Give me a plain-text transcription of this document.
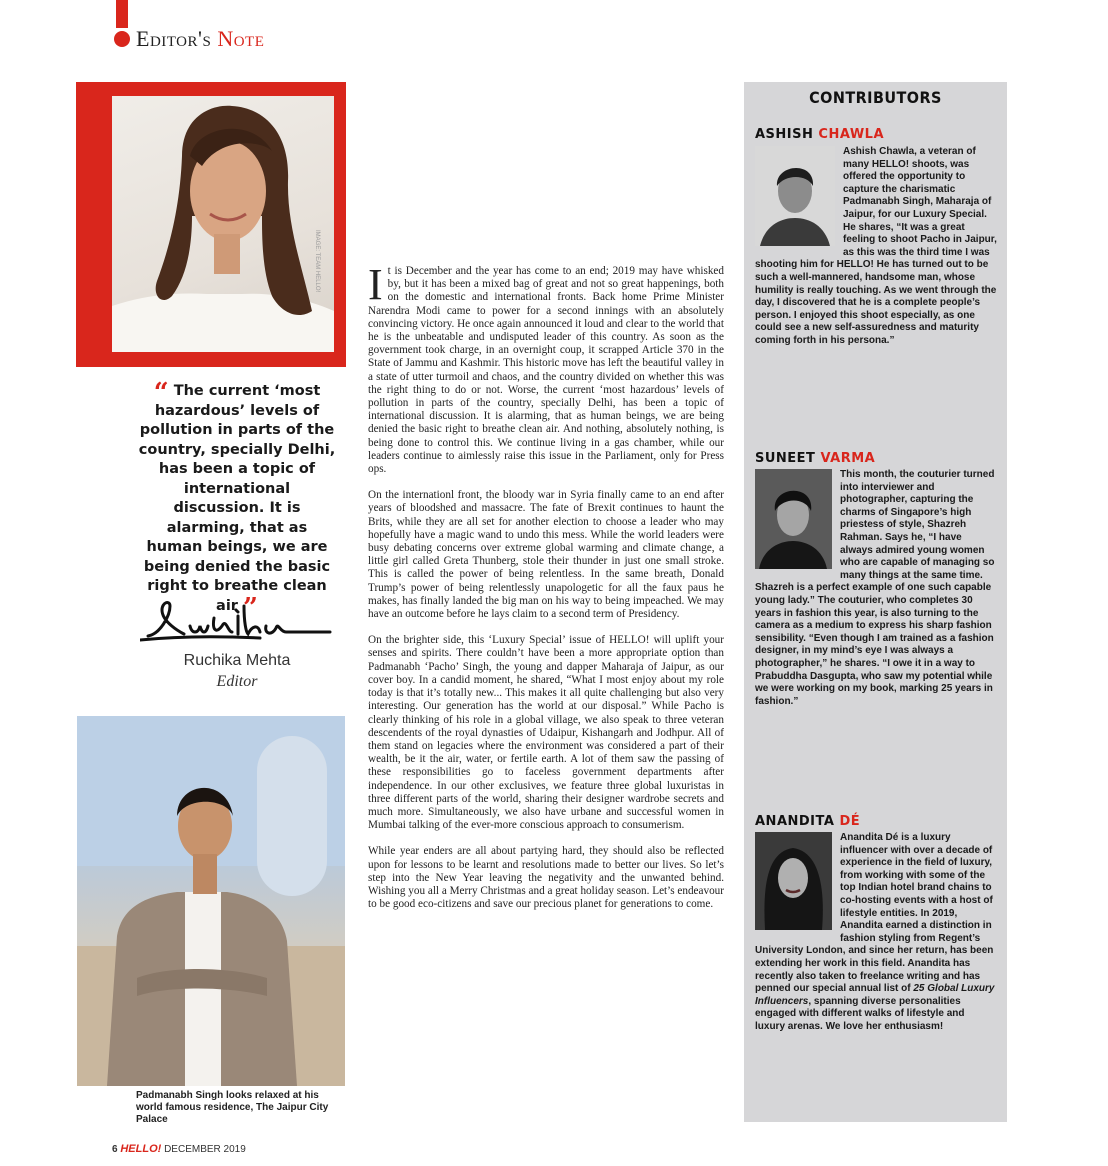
Editor's Note
IMAGE: TEAM HELLO!
“ The current ‘most hazardous’ levels of pollution in parts of the country, specially Delhi, has been a topic of international discussion. It is alarming, that as human beings, we are being denied the basic right to breathe clean air ”
Ruchika Mehta
Editor
Padmanabh Singh looks relaxed at his world famous residence, The Jaipur City Palace

It is December and the year has come to an end; 2019 may have whisked by, but it has been a mixed bag of great and not so great happenings, both on the domestic and international fronts. Back home Prime Minister Narendra Modi came to power for a second innings with an absolutely convincing victory. He once again announced it loud and clear to the world that he is the unbeatable and undisputed leader of this country. As soon as the government took charge, in an overnight coup, it scrapped Article 370 in the State of Jammu and Kashmir. This historic move has left the beautiful valley in a state of utter turmoil and chaos, and the country divided on whether this was the right thing to do or not. Worse, the current ‘most hazardous’ levels of pollution in parts of the country, specially Delhi, has been a topic of international discussion. It is alarming, that as human beings, we are being denied the basic right to breathe clean air. And nothing, absolutely nothing, is being done to control this. We continue living in a gas chamber, while our leaders continue to aimlessly raise this issue in the Parliament, only for Press ops.

On the internationl front, the bloody war in Syria finally came to an end after years of bloodshed and massacre. The fate of Brexit continues to haunt the Brits, while they are all set for another election to choose a leader who may hopefully have a magic wand to undo this mess. While the world leaders were busy debating concerns over extreme global warming and climate change, a little girl called Greta Thunberg, stole their thunder in just one small stroke. This is called the power of being relentless. In the same breath, Donald Trump’s power of being relentlessly unapologetic for all the faux paus he makes, has finally landed the big man on his way to being impeached. We may have an outcome before he lays claim to a second term of Presidency.

On the brighter side, this ‘Luxury Special’ issue of HELLO! will uplift your senses and spirits. There couldn’t have been a more appropriate option than Padmanabh ‘Pacho’ Singh, the young and dapper Maharaja of Jaipur, as our cover boy. In a candid moment, he shared, “What I most enjoy about my role today is that it’s totally new... This makes it all quite challenging but also very interesting. Our generation has the world at our disposal.” While Pacho is clearly thinking of his role in a global village, we also speak to three veteran descendents of the royal dynasties of Udaipur, Kishangarh and Jodhpur. All of them stand on legacies where the environment was considered a part of their wealth, be it the air, water, or fertile earth. A lot of them saw the passing of these responsibilities go to faceless government departments after independence. In our other exclusives, we feature three global luxuristas in three different parts of the world, sharing their designer wardrobe secrets and much more. Simultaneously, we also have urbane and successful women in Mumbai talking of the ever-more conscious approach to consumerism.

While year enders are all about partying hard, they should also be reflected upon for lessons to be learnt and resolutions made to better our lives. So let’s step into the New Year leaving the negativity and the unwanted behind. Wishing you all a Merry Christmas and a great holiday season. Let’s endeavour to be good eco-citizens and save our precious planet for generations to come.

CONTRIBUTORS
ASHISH CHAWLA
Ashish Chawla, a veteran of many HELLO! shoots, was offered the opportunity to capture the charismatic Padmanabh Singh, Maharaja of Jaipur, for our Luxury Special. He shares, “It was a great feeling to shoot Pacho in Jaipur, as this was the third time I was shooting him for HELLO! He has turned out to be such a well-mannered, handsome man, whose humility is really touching. As we went through the day, I discovered that he is a complete people’s person. I enjoyed this shoot especially, as one could see a new self-assuredness and maturity coming forth in his persona.”
SUNEET VARMA
This month, the couturier turned into interviewer and photographer, capturing the charms of Singapore’s high priestess of style, Shazreh Rahman. Says he, “I have always admired young women who are capable of managing so many things at the same time. Shazreh is a perfect example of one such capable young lady.” The couturier, who completes 30 years in fashion this year, is also turning to the camera as a medium to express his sharp fashion sensibility. “Even though I am trained as a fashion designer, in my mind’s eye I was always a photographer,” he shares. “I owe it in a way to Prabuddha Dasgupta, who saw my potential while we were working on my book, marking 25 years in fashion.”
ANANDITA DÉ
Anandita Dé is a luxury influencer with over a decade of experience in the field of luxury, from working with some of the top Indian hotel brand chains to co-hosting events with a host of lifestyle entities. In 2019, Anandita earned a distinction in fashion styling from Regent’s University London, and since her return, has been extending her work in this field. Anandita has recently also taken to freelance writing and has penned our special annual list of 25 Global Luxury Influencers, spanning diverse personalities engaged with different walks of lifestyle and luxury arenas. We love her enthusiasm!
6 HELLO! DECEMBER 2019
